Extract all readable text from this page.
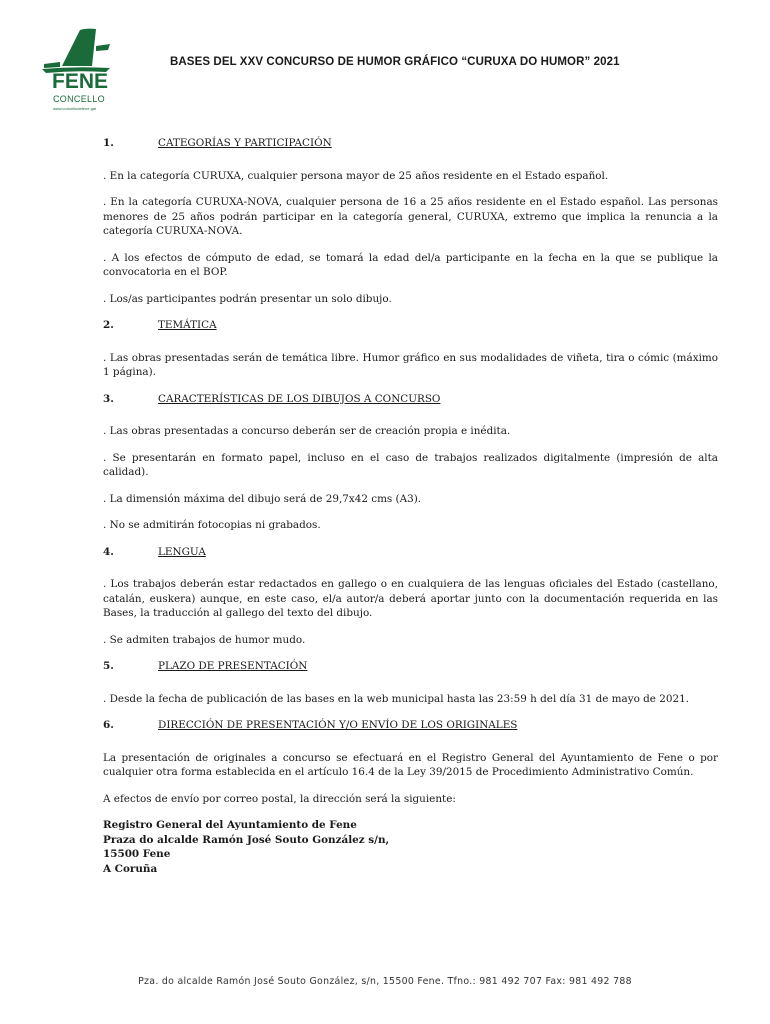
FENE
CONCELLO
www.concellodefene.gal
BASES DEL XXV CONCURSO DE HUMOR GRÁFICO “CURUXA DO HUMOR” 2021
1.	CATEGORÍAS Y PARTICIPACIÓN

. En la categoría CURUXA, cualquier persona mayor de 25 años residente en el Estado español.

. En la categoría CURUXA-NOVA, cualquier persona de 16 a 25 años residente en el Estado español. Las personas menores de 25 años podrán participar en la categoría general, CURUXA, extremo que implica la renuncia a la categoría CURUXA-NOVA.

. A los efectos de cómputo de edad, se tomará la edad del/a participante en la fecha en la que se publique la convocatoria en el BOP.

. Los/as participantes podrán presentar un solo dibujo.

2.	TEMÁTICA

. Las obras presentadas serán de temática libre. Humor gráfico en sus modalidades de viñeta, tira o cómic (máximo 1 página).

3.	CARACTERÍSTICAS DE LOS DIBUJOS A CONCURSO

. Las obras presentadas a concurso deberán ser de creación propia e inédita.

. Se presentarán en formato papel, incluso en el caso de trabajos realizados digitalmente (impresión de alta calidad).

. La dimensión máxima del dibujo será de 29,7x42 cms (A3).

. No se admitirán fotocopias ni grabados.

4.	LENGUA

. Los trabajos deberán estar redactados en gallego o en cualquiera de las lenguas oficiales del Estado (castellano, catalán, euskera) aunque, en este caso, el/a autor/a deberá aportar junto con la documentación requerida en las Bases, la traducción al gallego del texto del dibujo.

. Se admiten trabajos de humor mudo.

5.	PLAZO DE PRESENTACIÓN

. Desde la fecha de publicación de las bases en la web municipal hasta las 23:59 h del día 31 de mayo de 2021.

6.	DIRECCIÓN DE PRESENTACIÓN Y/O ENVÍO DE LOS ORIGINALES

La presentación de originales a concurso se efectuará en el Registro General del Ayuntamiento de Fene o por cualquier otra forma establecida en el artículo 16.4 de la Ley 39/2015 de Procedimiento Administrativo Común.

A efectos de envío por correo postal, la dirección será la siguiente:

Registro General del Ayuntamiento de Fene
Praza do alcalde Ramón José Souto González s/n,
15500 Fene
A Coruña
Pza. do alcalde Ramón José Souto González, s/n, 15500 Fene. Tfno.: 981 492 707 Fax: 981 492 788
